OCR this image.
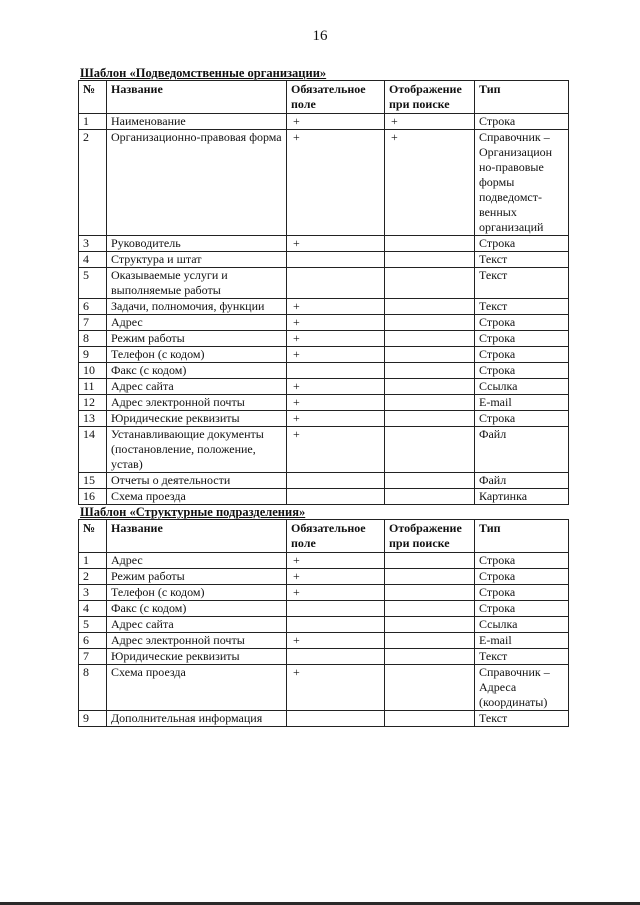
16
Шаблон «Подведомственные организации»
№	Название	Обязательное поле	Отображение при поиске	Тип
1	Наименование	+	+	Строка
2	Организационно-правовая форма	+	+	Справочник – Организацион но-правовые формы подведомст- венных организаций
3	Руководитель	+		Строка
4	Структура и штат			Текст
5	Оказываемые услуги и выполняемые работы			Текст
6	Задачи, полномочия, функции	+		Текст
7	Адрес	+		Строка
8	Режим работы	+		Строка
9	Телефон (с кодом)	+		Строка
10	Факс (с кодом)			Строка
11	Адрес сайта	+		Ссылка
12	Адрес электронной почты	+		E-mail
13	Юридические реквизиты	+		Строка
14	Устанавливающие документы (постановление, положение, устав)	+		Файл
15	Отчеты о деятельности			Файл
16	Схема проезда			Картинка
Шаблон «Структурные подразделения»
№	Название	Обязательное поле	Отображение при поиске	Тип
1	Адрес	+		Строка
2	Режим работы	+		Строка
3	Телефон (с кодом)	+		Строка
4	Факс (с кодом)			Строка
5	Адрес сайта			Ссылка
6	Адрес электронной почты	+		E-mail
7	Юридические реквизиты			Текст
8	Схема проезда	+		Справочник – Адреса (координаты)
9	Дополнительная информация			Текст
